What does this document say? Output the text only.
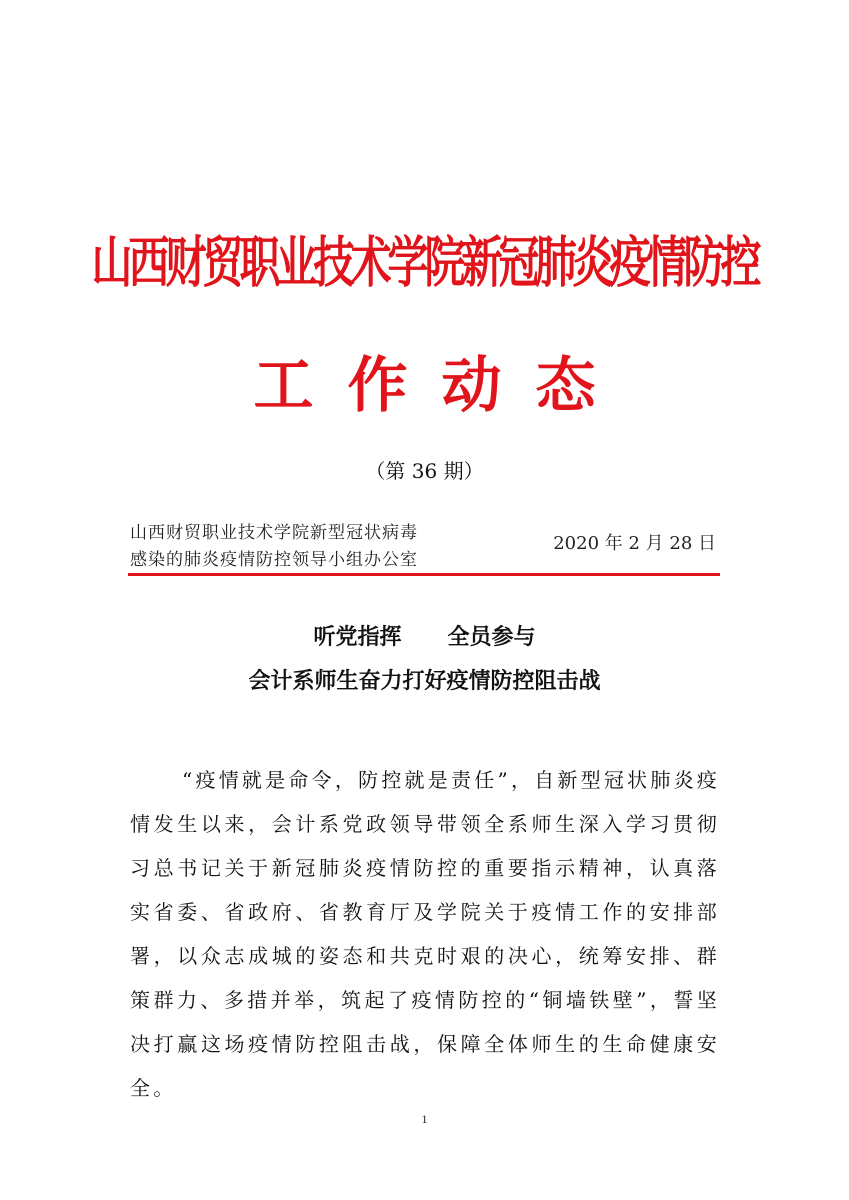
山西财贸职业技术学院新冠肺炎疫情防控
工作动态
（第 36 期）
山西财贸职业技术学院新型冠状病毒
感染的肺炎疫情防控领导小组办公室
2020 年 2 月 28 日
听党指挥      全员参与
会计系师生奋力打好疫情防控阻击战

“疫情就是命令，防控就是责任”，自新型冠状肺炎疫情发生以来，会计系党政领导带领全系师生深入学习贯彻习总书记关于新冠肺炎疫情防控的重要指示精神，认真落实省委、省政府、省教育厅及学院关于疫情工作的安排部署，以众志成城的姿态和共克时艰的决心，统筹安排、群策群力、多措并举，筑起了疫情防控的“铜墙铁壁”，誓坚决打赢这场疫情防控阻击战，保障全体师生的生命健康安全。

1
